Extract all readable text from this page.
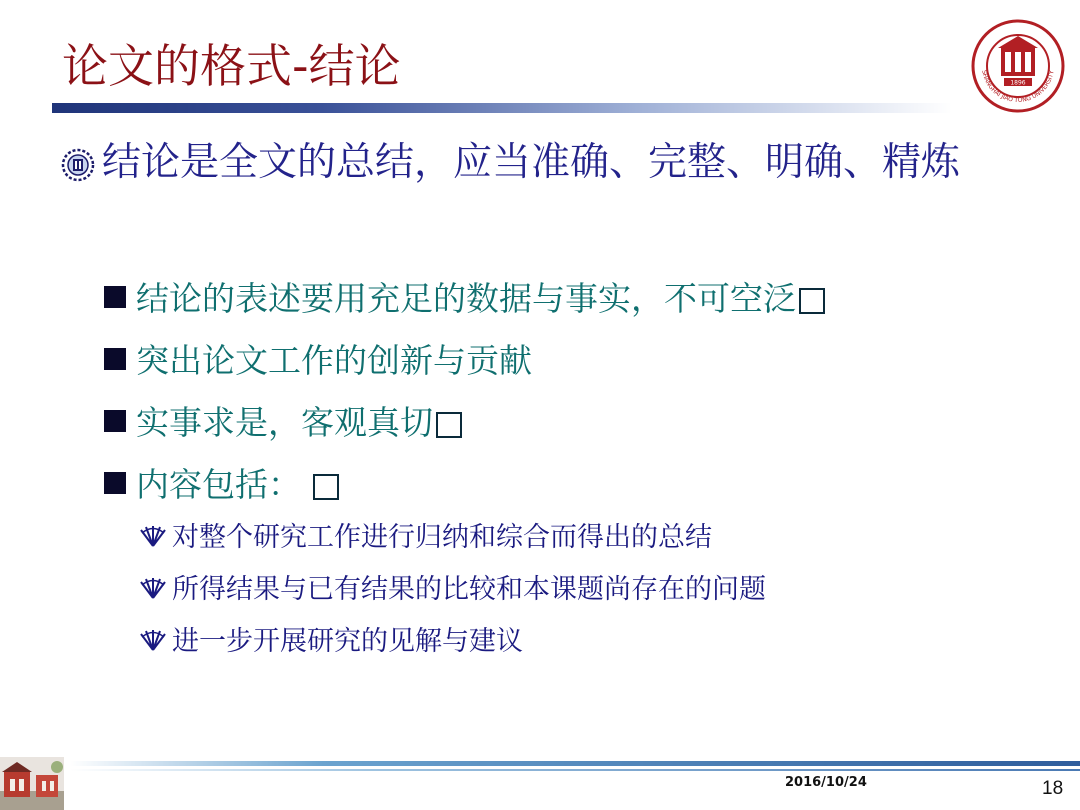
论文的格式-结论	SHANGHAI JIAO TONG UNIVERSITY
1896
结论是全文的总结，应当准确、完整、明确、精炼
结论的表述要用充足的数据与事实，不可空泛
突出论文工作的创新与贡献
实事求是，客观真切
内容包括：
对整个研究工作进行归纳和综合而得出的总结
所得结果与已有结果的比较和本课题尚存在的问题
进一步开展研究的见解与建议
2016/10/24	18
